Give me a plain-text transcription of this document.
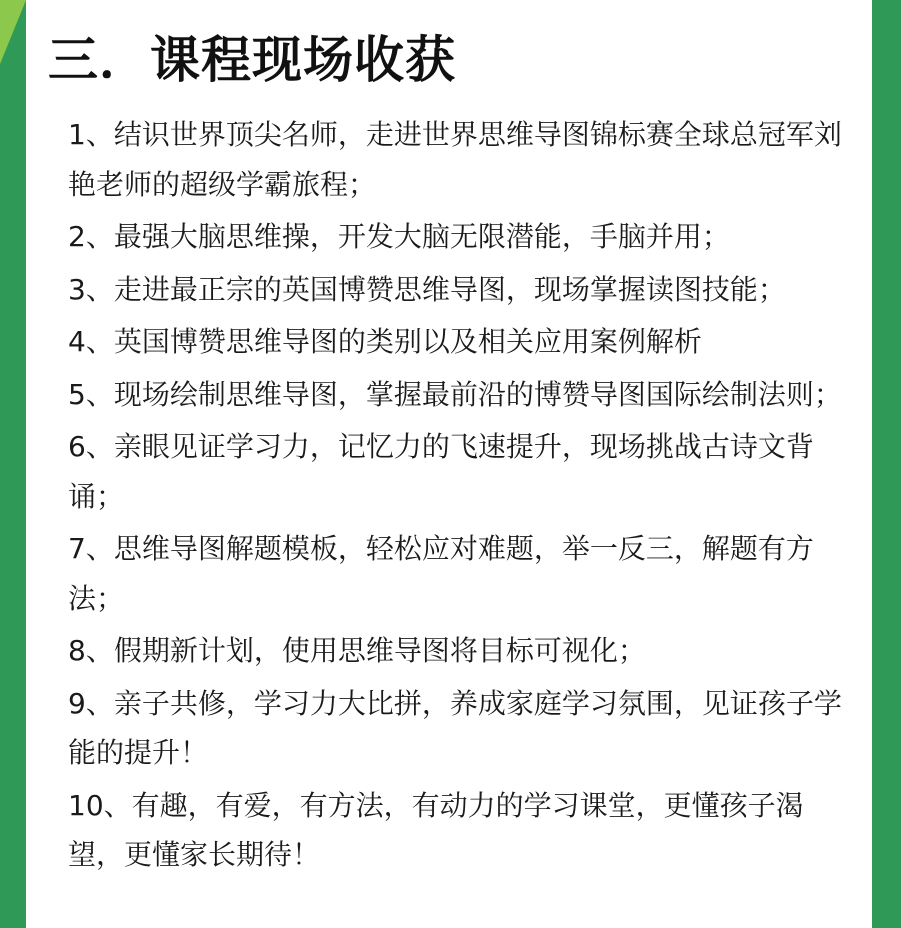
三．课程现场收获
1、结识世界顶尖名师，走进世界思维导图锦标赛全球总冠军刘艳老师的超级学霸旅程；
2、最强大脑思维操，开发大脑无限潜能，手脑并用；
3、走进最正宗的英国博赞思维导图，现场掌握读图技能；
4、英国博赞思维导图的类别以及相关应用案例解析
5、现场绘制思维导图，掌握最前沿的博赞导图国际绘制法则；
6、亲眼见证学习力，记忆力的飞速提升，现场挑战古诗文背诵；
7、思维导图解题模板，轻松应对难题，举一反三，解题有方法；
8、假期新计划，使用思维导图将目标可视化；
9、亲子共修，学习力大比拼，养成家庭学习氛围，见证孩子学能的提升！
10、有趣，有爱，有方法，有动力的学习课堂，更懂孩子渴望，更懂家长期待！
